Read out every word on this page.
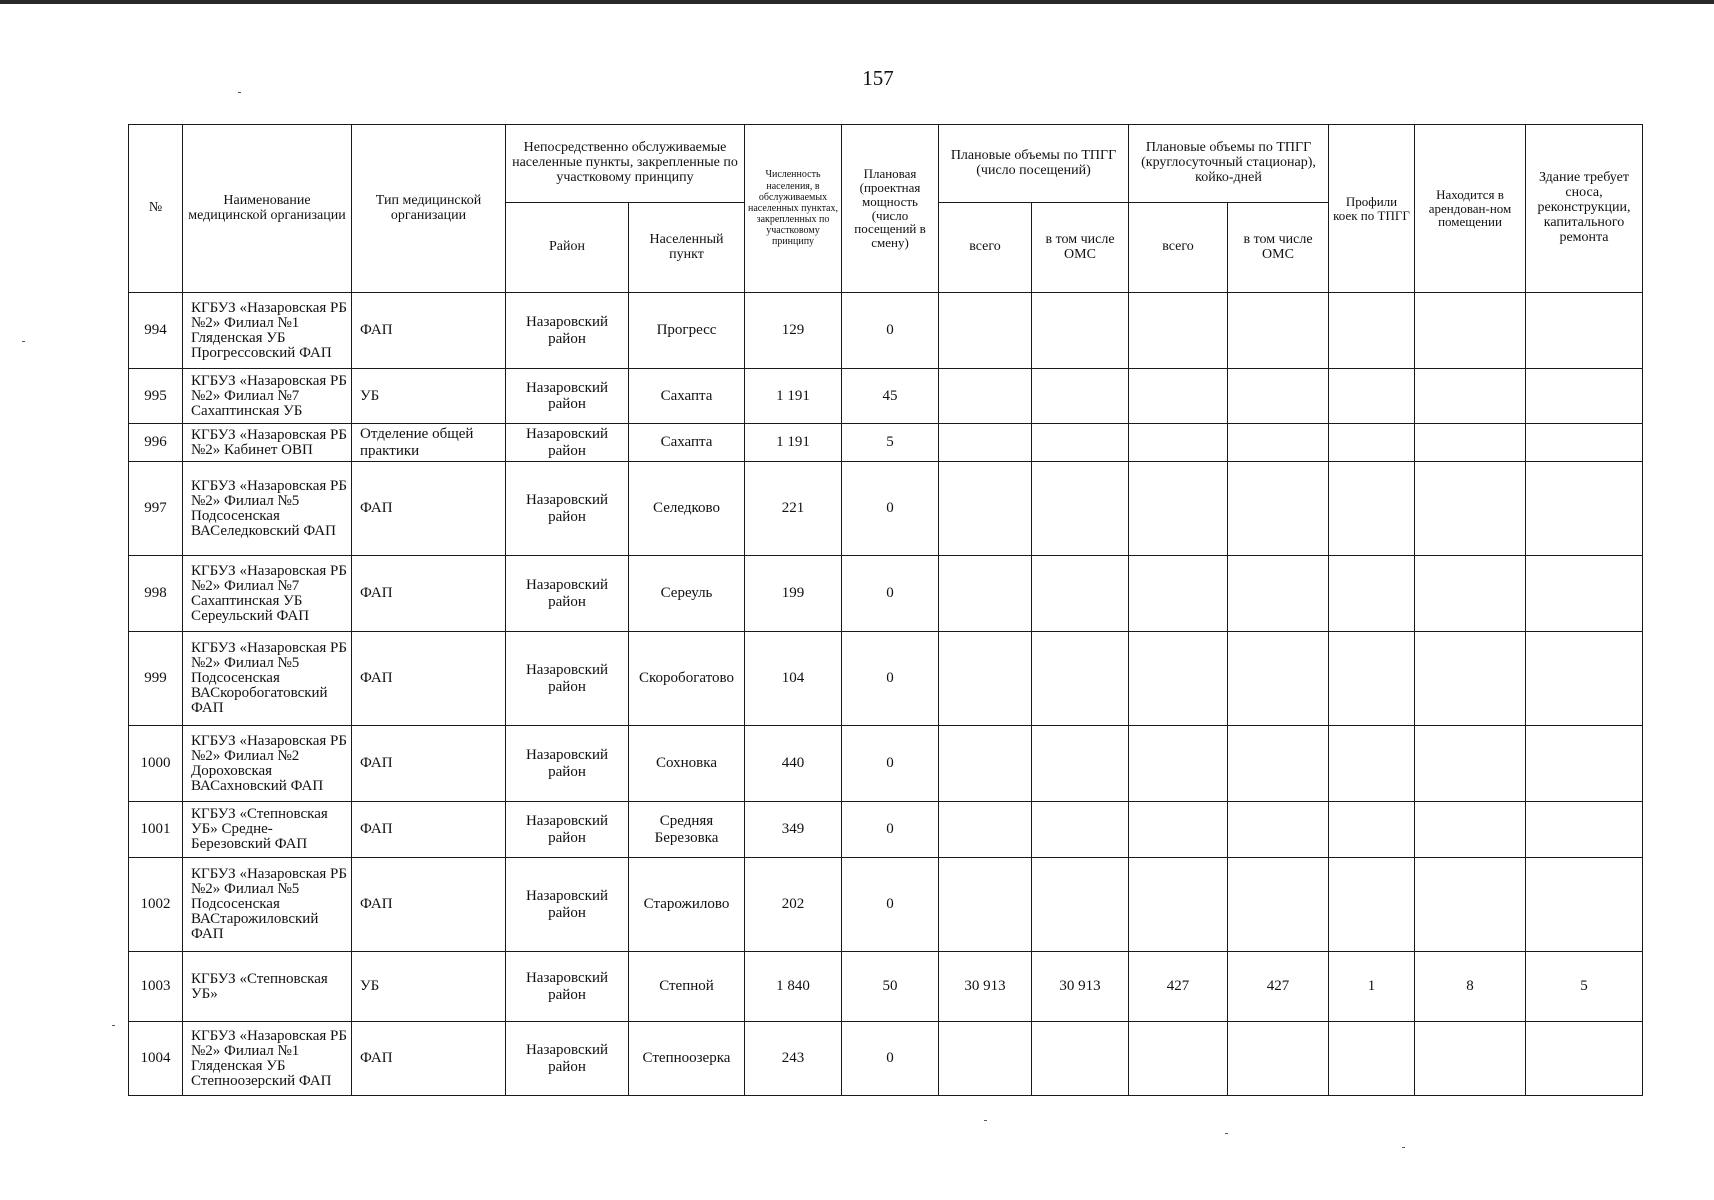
157
№	Наименование медицинской организации	Тип медицинской организации	Непосредственно обслуживаемые населенные пункты, закрепленные по участковому принципу		Численность населения, в обслуживаемых населенных пунктах, закрепленных по участковому принципу	Плановая (проектная мощность (число посещений в смену)	Плановые объемы по ТПГГ (число посещений)		Плановые объемы по ТПГГ (круглосуточный стационар), койко-дней		Профили коек по ТПГГ	Находится в арендован-ном помещении	Здание требует сноса, реконструкции, капитального ремонта
			Район	Населенный пункт			всего	в том числе ОМС	всего	в том числе ОМС			
994	КГБУЗ «Назаровская РБ №2» Филиал №1 Гляденская УБ Прогрессовский ФАП	ФАП	Назаровский район	Прогресс	129	0							
995	КГБУЗ «Назаровская РБ №2» Филиал №7 Сахаптинская УБ	УБ	Назаровский район	Сахапта	1 191	45							
996	КГБУЗ «Назаровская РБ №2» Кабинет ОВП	Отделение общей практики	Назаровский район	Сахапта	1 191	5							
997	КГБУЗ «Назаровская РБ №2» Филиал №5 Подсосенская ВАСеледковский ФАП	ФАП	Назаровский район	Селедково	221	0							
998	КГБУЗ «Назаровская РБ №2» Филиал №7 Сахаптинская УБ Сереульский ФАП	ФАП	Назаровский район	Сереуль	199	0							
999	КГБУЗ «Назаровская РБ №2» Филиал №5 Подсосенская ВАСкоробогатовский ФАП	ФАП	Назаровский район	Скоробогатово	104	0							
1000	КГБУЗ «Назаровская РБ №2» Филиал №2 Дороховская ВАСахновский ФАП	ФАП	Назаровский район	Сохновка	440	0							
1001	КГБУЗ «Степновская УБ» Средне-Березовский ФАП	ФАП	Назаровский район	Средняя Березовка	349	0							
1002	КГБУЗ «Назаровская РБ №2» Филиал №5 Подсосенская ВАСтарожиловский ФАП	ФАП	Назаровский район	Старожилово	202	0							
1003	КГБУЗ «Степновская УБ»	УБ	Назаровский район	Степной	1 840	50	30 913	30 913	427	427	1	8	5
1004	КГБУЗ «Назаровская РБ №2» Филиал №1 Гляденская УБ Степноозерский ФАП	ФАП	Назаровский район	Степноозерка	243	0							
